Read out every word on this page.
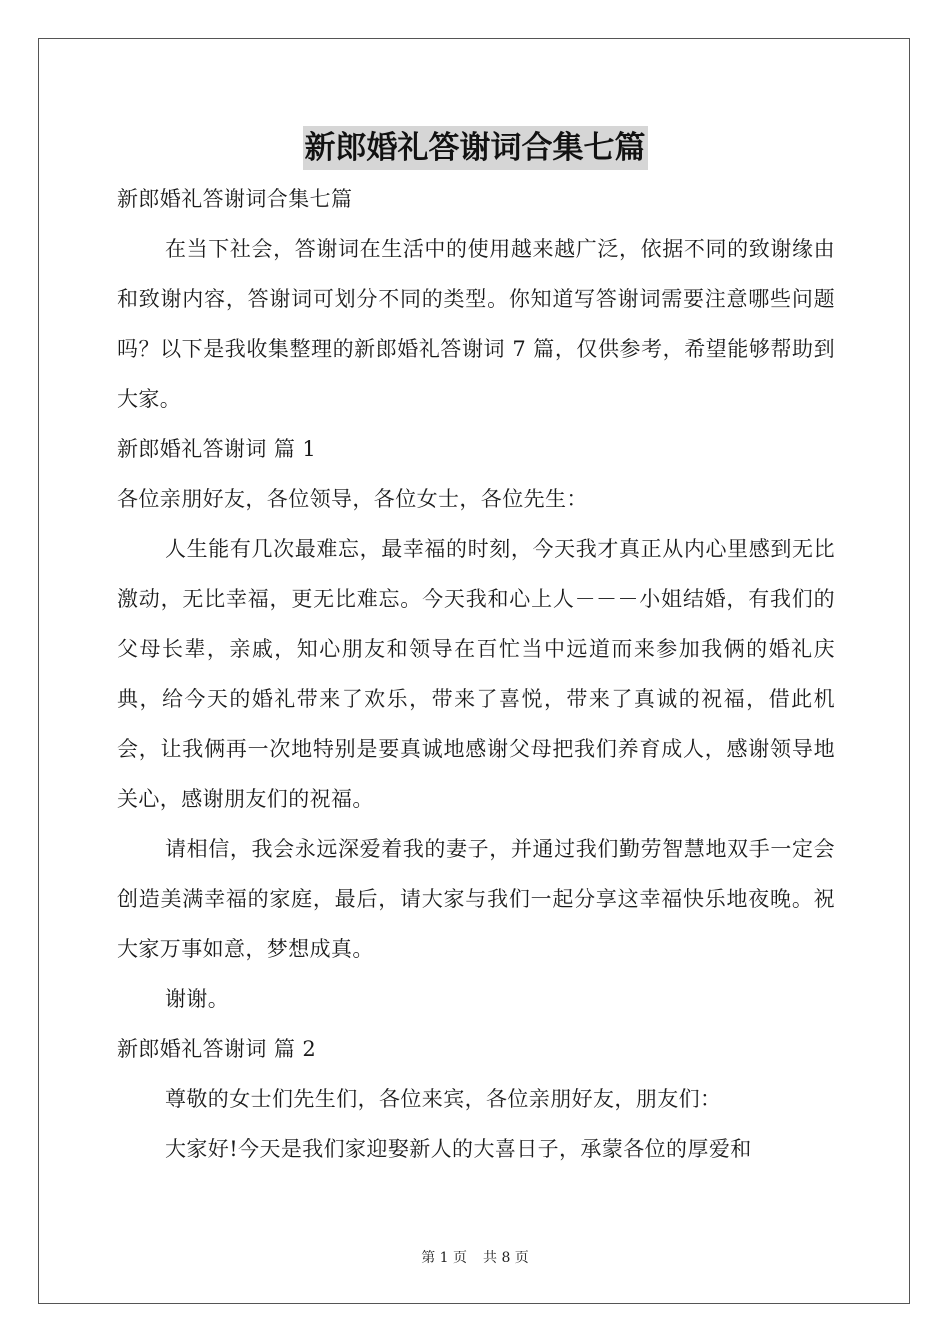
新郎婚礼答谢词合集七篇

新郎婚礼答谢词合集七篇

在当下社会，答谢词在生活中的使用越来越广泛，依据不同的致谢缘由和致谢内容，答谢词可划分不同的类型。你知道写答谢词需要注意哪些问题吗？以下是我收集整理的新郎婚礼答谢词 7 篇，仅供参考，希望能够帮助到大家。

新郎婚礼答谢词 篇 1

各位亲朋好友，各位领导，各位女士，各位先生：

人生能有几次最难忘，最幸福的时刻，今天我才真正从内心里感到无比激动，无比幸福，更无比难忘。今天我和心上人－－－小姐结婚，有我们的父母长辈，亲戚，知心朋友和领导在百忙当中远道而来参加我俩的婚礼庆典，给今天的婚礼带来了欢乐，带来了喜悦，带来了真诚的祝福，借此机会，让我俩再一次地特别是要真诚地感谢父母把我们养育成人，感谢领导地关心，感谢朋友们的祝福。

请相信，我会永远深爱着我的妻子，并通过我们勤劳智慧地双手一定会创造美满幸福的家庭，最后，请大家与我们一起分享这幸福快乐地夜晚。祝大家万事如意，梦想成真。

谢谢。

新郎婚礼答谢词 篇 2

尊敬的女士们先生们，各位来宾，各位亲朋好友，朋友们：

大家好!今天是我们家迎娶新人的大喜日子，承蒙各位的厚爱和

第 1 页 共 8 页
